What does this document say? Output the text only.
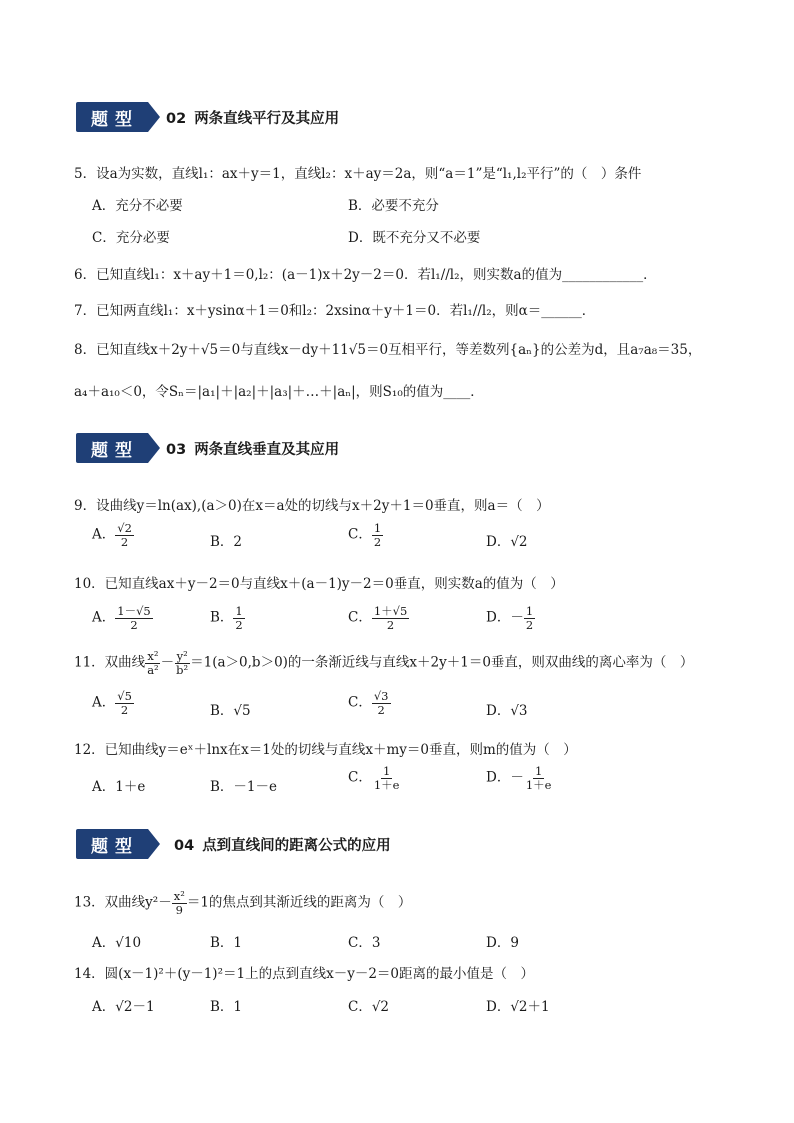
题型 02 两条直线平行及其应用
5．设a为实数，直线l₁：ax＋y＝1，直线l₂：x＋ay＝2a，则“a＝1”是“l₁,l₂平行”的（　）条件
A．充分不必要	B．必要不充分
C．充分必要	D．既不充分又不必要
6．已知直线l₁：x＋ay＋1＝0,l₂：(a－1)x＋2y－2＝0．若l₁//l₂，则实数a的值为____________．
7．已知两直线l₁：x＋ysinα＋1＝0和l₂：2xsinα＋y＋1＝0．若l₁//l₂，则α＝______．
8．已知直线x＋2y＋√5＝0与直线x－dy＋11√5＝0互相平行，等差数列{aₙ}的公差为d，且a₇a₈＝35，
a₄＋a₁₀＜0，令Sₙ＝|a₁|＋|a₂|＋|a₃|＋…＋|aₙ|，则S₁₀的值为____．
题型 03 两条直线垂直及其应用
9．设曲线y＝ln(ax),(a＞0)在x＝a处的切线与x＋2y＋1＝0垂直，则a＝（　）
A． $\frac{√2}{2}$	B．2	C． $\frac{1}{2}$	D．√2
10．已知直线ax＋y－2＝0与直线x＋(a－1)y－2＝0垂直，则实数a的值为（　）
A． $\frac{1-√5}{2}$	B． $\frac{1}{2}$	C． $\frac{1+√5}{2}$	D．－ $\frac{1}{2}$
11．双曲线 $\frac{\text{x²}}{\text{a²}} - \frac{\text{y²}}{\text{b²}} =1(a>0,b>0)$的一条渐近线与直线x＋2y＋1＝0垂直，则双曲线的离心率为（　）
A． $\frac{√5}{2}$	B．√5
C． $\frac{√3}{2}$	D．√3
12．已知曲线y＝eˣ＋lnx在x＝1处的切线与直线x＋my＝0垂直，则m的值为（　）
A．1＋e	B．－1－e
C． $\frac{1}{1+e}$	D．－ $\frac{1}{1+e}$
题型 04 点到直线间的距离公式的应用
13．双曲线$y^2- \frac{\text{x²}}{9} =1$的焦点到其渐近线的距离为（　）
A．√10	B．1	C．3	D．9
14．圆(x－1)²＋(y－1)²＝1上的点到直线x－y－2＝0距离的最小值是（　）
A．√2－1	B．1	C．√2	D．√2＋1
